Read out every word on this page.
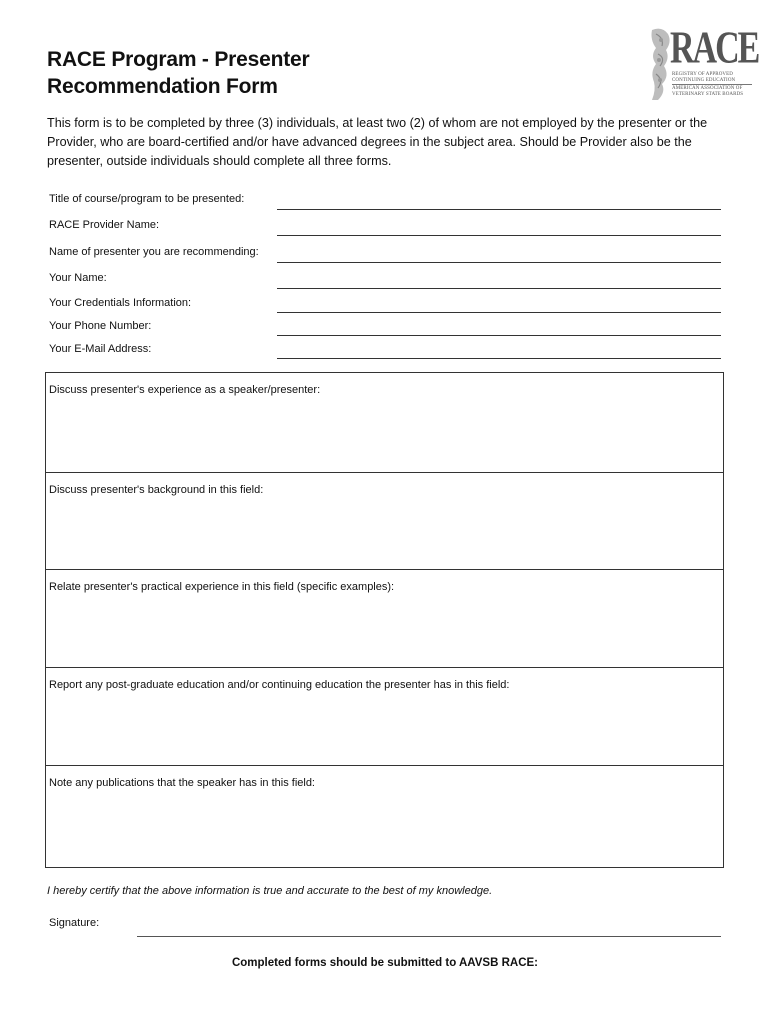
RACE Program - Presenter
Recommendation Form
RACE
REGISTRY OF APPROVED
CONTINUING EDUCATION
AMERICAN ASSOCIATION OF
VETERINARY STATE BOARDS

This form is to be completed by three (3) individuals, at least two (2) of whom are not employed by the presenter or the Provider, who are board-certified and/or have advanced degrees in the subject area. Should be Provider also be the presenter, outside individuals should complete all three forms.

Title of course/program to be presented:
RACE Provider Name:
Name of presenter you are recommending:
Your Name:
Your Credentials Information:
Your Phone Number:
Your E-Mail Address:
Discuss presenter's experience as a speaker/presenter:
Discuss presenter's background in this field:
Relate presenter's practical experience in this field (specific examples):
Report any post-graduate education and/or continuing education the presenter has in this field:
Note any publications that the speaker has in this field:
I hereby certify that the above information is true and accurate to the best of my knowledge.
Signature:
Completed forms should be submitted to AAVSB RACE:
